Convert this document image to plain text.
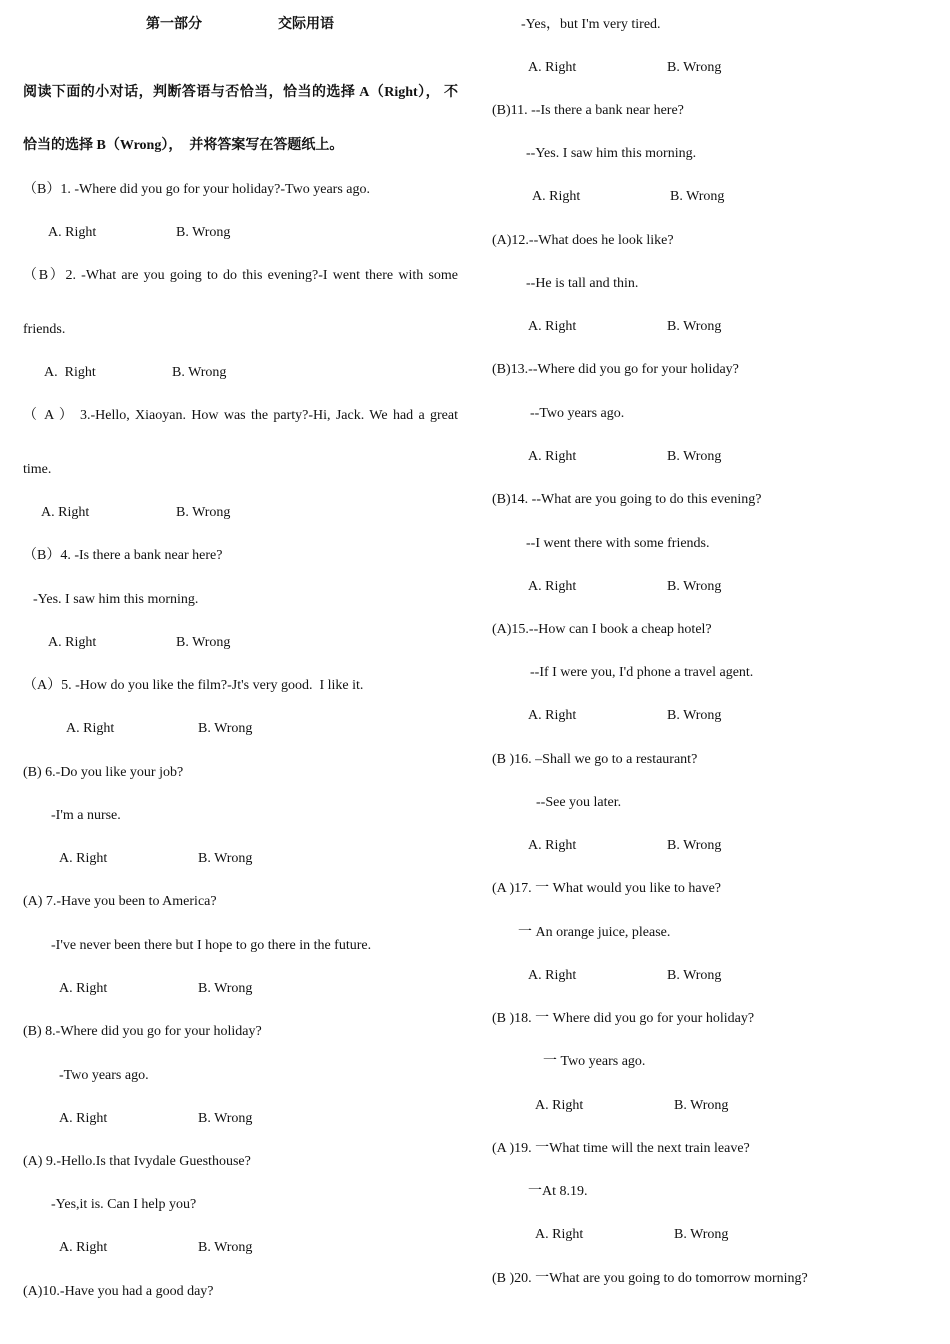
第一部分	交际用语
阅读下面的小对话，判断答语与否恰当，恰当的选择 A（Right）， 不
恰当的选择 B（Wrong），  并将答案写在答题纸上。
（B）1. -Where did you go for your holiday?-Two years ago.
A. Right	B. Wrong
（B）2. -What are you going to do this evening?-I went there with some
friends.
A.  Right	B. Wrong
（ A ） 3.-Hello, Xiaoyan. How was the party?-Hi, Jack. We had a great
time.
A. Right	B. Wrong
（B）4. -Is there a bank near here?
-Yes. I saw him this morning.
A. Right	B. Wrong
（A）5. -How do you like the film?-Jt's very good.  I like it.
A. Right	B. Wrong
(B) 6.-Do you like your job?
-I'm a nurse.
A. Right	B. Wrong
(A) 7.-Have you been to America?
-I've never been there but I hope to go there in the future.
A. Right	B. Wrong
(B) 8.-Where did you go for your holiday?
-Two years ago.
A. Right	B. Wrong
(A) 9.-Hello.Is that Ivydale Guesthouse?
-Yes,it is. Can I help you?
A. Right	B. Wrong
(A)10.-Have you had a good day?
-Yes，but I'm very tired.
A. Right	B. Wrong
(B)11. --Is there a bank near here?
--Yes. I saw him this morning.
A. Right	B. Wrong
(A)12.--What does he look like?
--He is tall and thin.
A. Right	B. Wrong
(B)13.--Where did you go for your holiday?
--Two years ago.
A. Right	B. Wrong
(B)14. --What are you going to do this evening?
--I went there with some friends.
A. Right	B. Wrong
(A)15.--How can I book a cheap hotel?
--If I were you, I'd phone a travel agent.
A. Right	B. Wrong
(B )16. –Shall we go to a restaurant?
--See you later.
A. Right	B. Wrong
(A )17. 一 What would you like to have?
一 An orange juice, please.
A. Right	B. Wrong
(B )18. 一 Where did you go for your holiday?
一 Two years ago.
A. Right	B. Wrong
(A )19. 一What time will the next train leave?
一At 8.19.
A. Right	B. Wrong
(B )20. 一What are you going to do tomorrow morning?
